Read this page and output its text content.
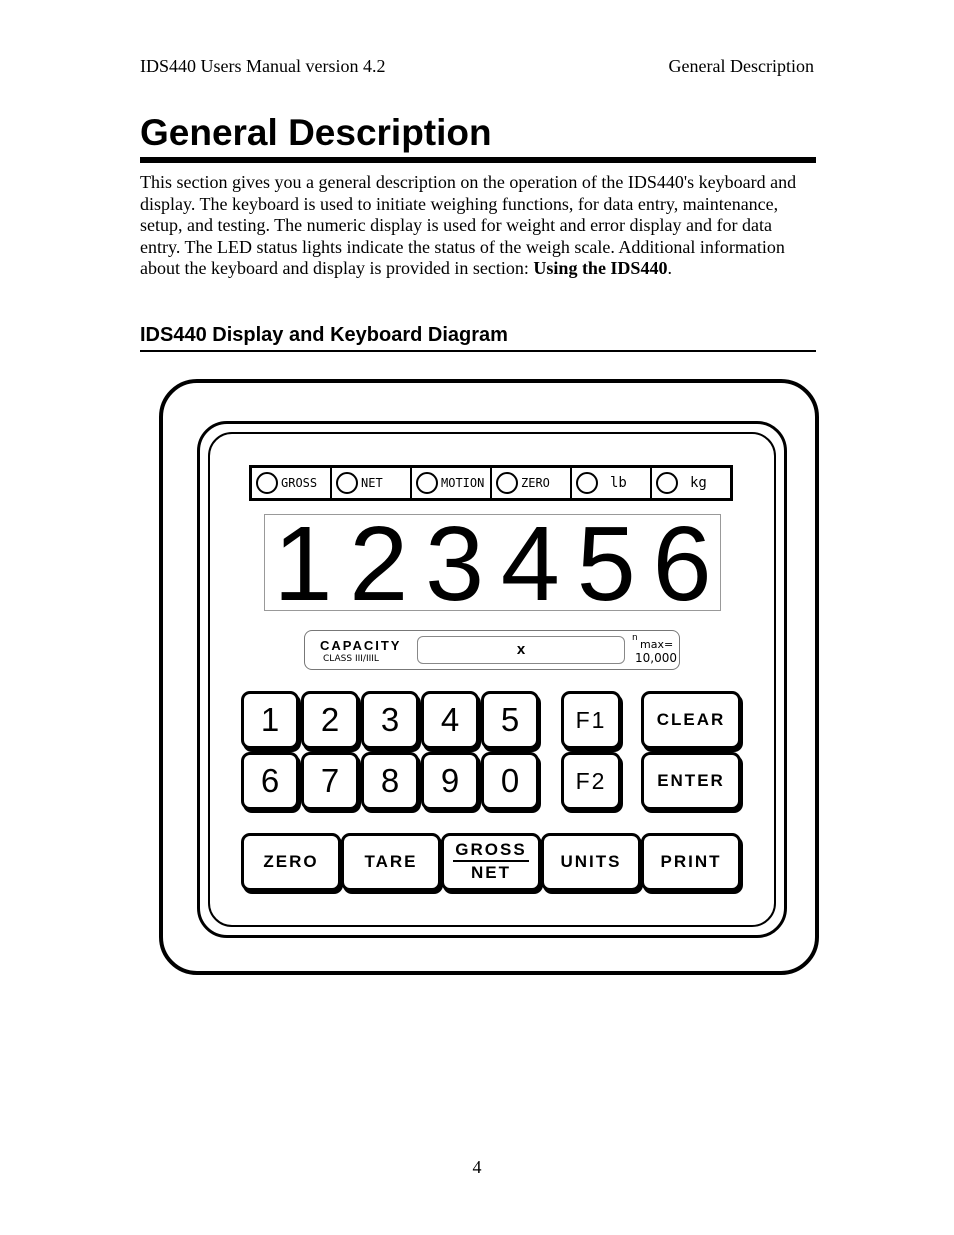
IDS440 Users Manual version 4.2	General Description
General Description

This section gives you a general description on the operation of the IDS440's keyboard and display. The keyboard is used to initiate weighing functions, for data entry, maintenance, setup, and testing. The numeric display is used for weight and error display and for data entry. The LED status lights indicate the status of the weigh scale. Additional information about the keyboard and display is provided in section: Using the IDS440.

IDS440 Display and Keyboard Diagram
GROSS	NET	MOTION	ZERO	lb	kg
1 2 3 4 5 6
CAPACITY
CLASS III/IIIL
x
n max=
10,000
1	2	3	4	5
6	7	8	9	0
F1
F2
CLEAR
ENTER
ZERO	TARE
GROSS
NET
UNITS	PRINT
4
